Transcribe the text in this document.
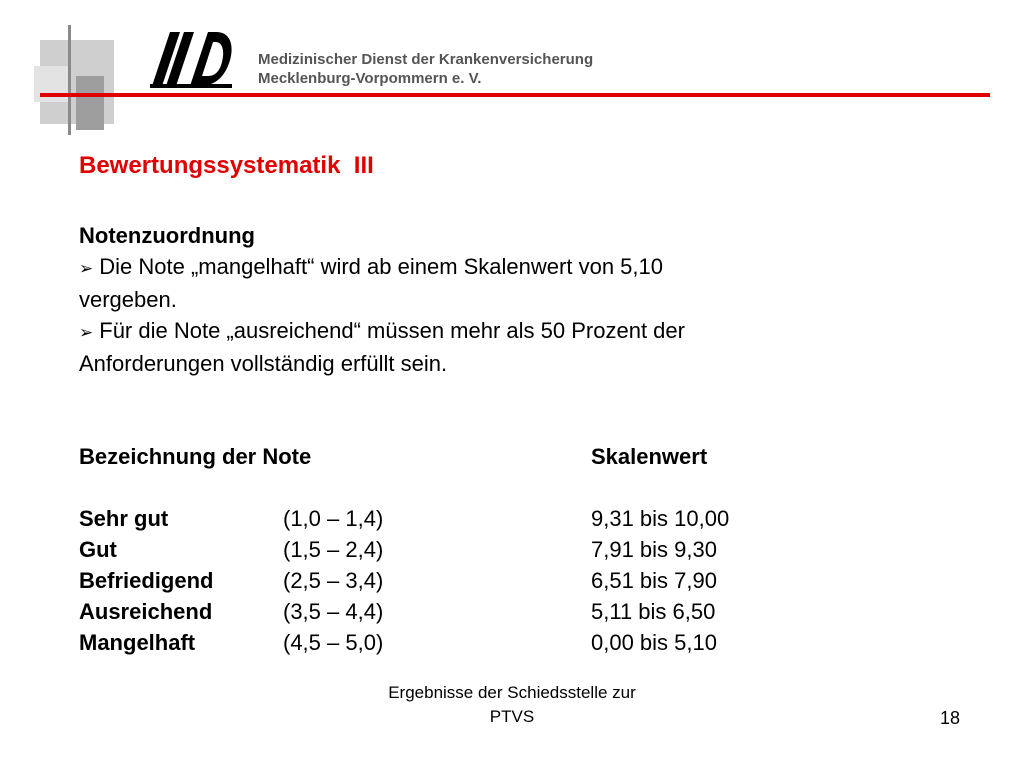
Medizinischer Dienst der Krankenversicherung
Mecklenburg-Vorpommern e. V.
Bewertungssystematik  III
Notenzuordnung
➢ Die Note „mangelhaft“ wird ab einem Skalenwert von 5,10
vergeben.
➢ Für die Note „ausreichend“ müssen mehr als 50 Prozent der
Anforderungen vollständig erfüllt sein.
Bezeichnung der Note	Skalenwert
Sehr gut	(1,0 – 1,4)	9,31 bis 10,00
Gut	(1,5 – 2,4)	7,91 bis 9,30
Befriedigend	(2,5 – 3,4)	6,51 bis 7,90
Ausreichend	(3,5 – 4,4)	5,11 bis 6,50
Mangelhaft	(4,5 – 5,0)	0,00 bis 5,10
Ergebnisse der Schiedsstelle zur
PTVS	18
